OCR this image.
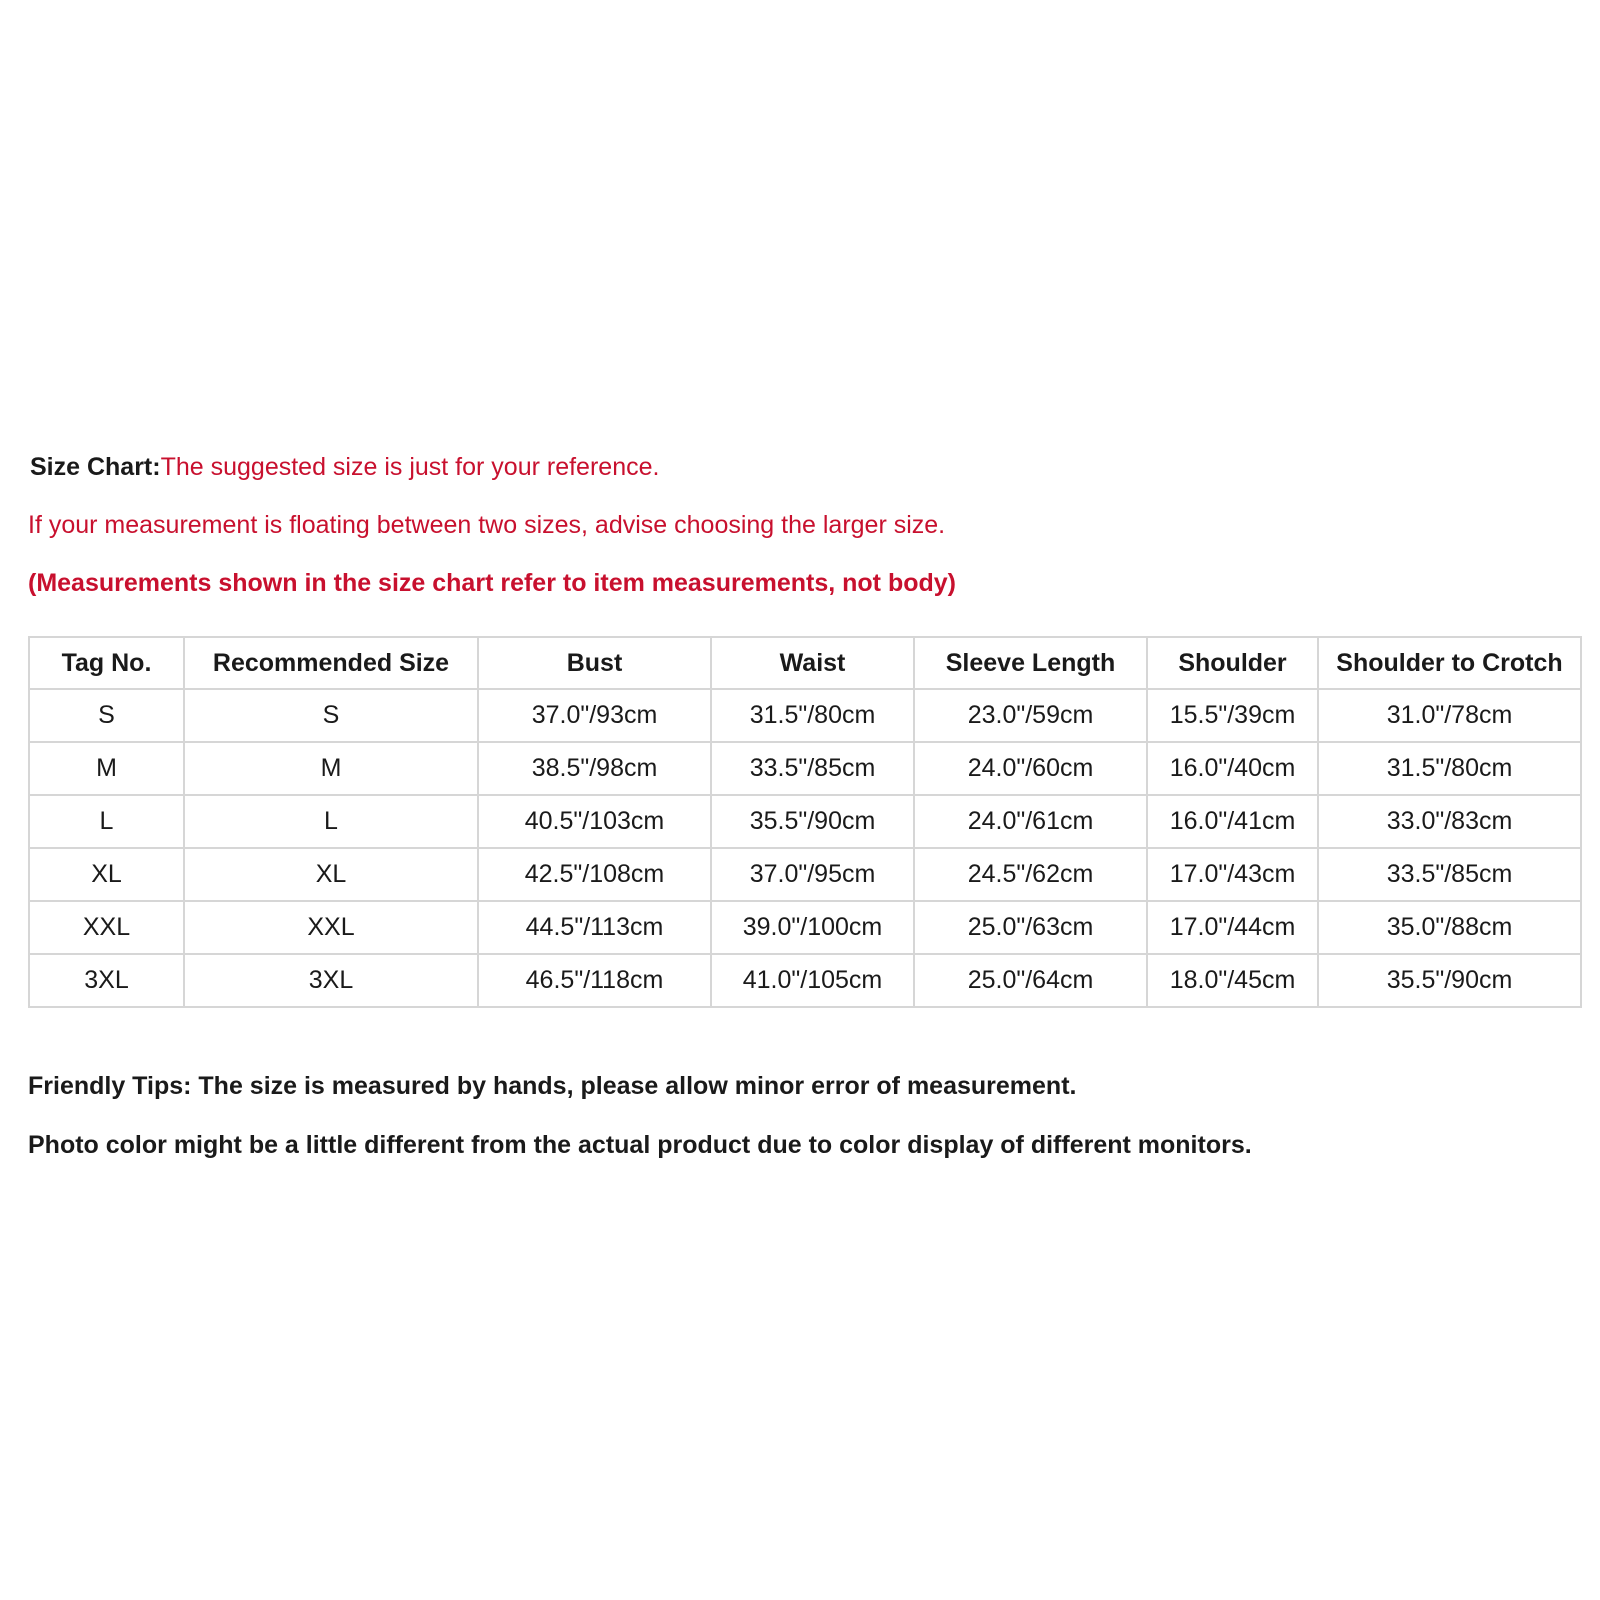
Size Chart:The suggested size is just for your reference.

If your measurement is floating between two sizes, advise choosing the larger size.

(Measurements shown in the size chart refer to item measurements, not body)

Tag No.	Recommended Size	Bust	Waist	Sleeve Length	Shoulder	Shoulder to Crotch
S	S	37.0"/93cm	31.5"/80cm	23.0"/59cm	15.5"/39cm	31.0"/78cm
M	M	38.5"/98cm	33.5"/85cm	24.0"/60cm	16.0"/40cm	31.5"/80cm
L	L	40.5"/103cm	35.5"/90cm	24.0"/61cm	16.0"/41cm	33.0"/83cm
XL	XL	42.5"/108cm	37.0"/95cm	24.5"/62cm	17.0"/43cm	33.5"/85cm
XXL	XXL	44.5"/113cm	39.0"/100cm	25.0"/63cm	17.0"/44cm	35.0"/88cm
3XL	3XL	46.5"/118cm	41.0"/105cm	25.0"/64cm	18.0"/45cm	35.5"/90cm

Friendly Tips: The size is measured by hands, please allow minor error of measurement.

Photo color might be a little different from the actual product due to color display of different monitors.
